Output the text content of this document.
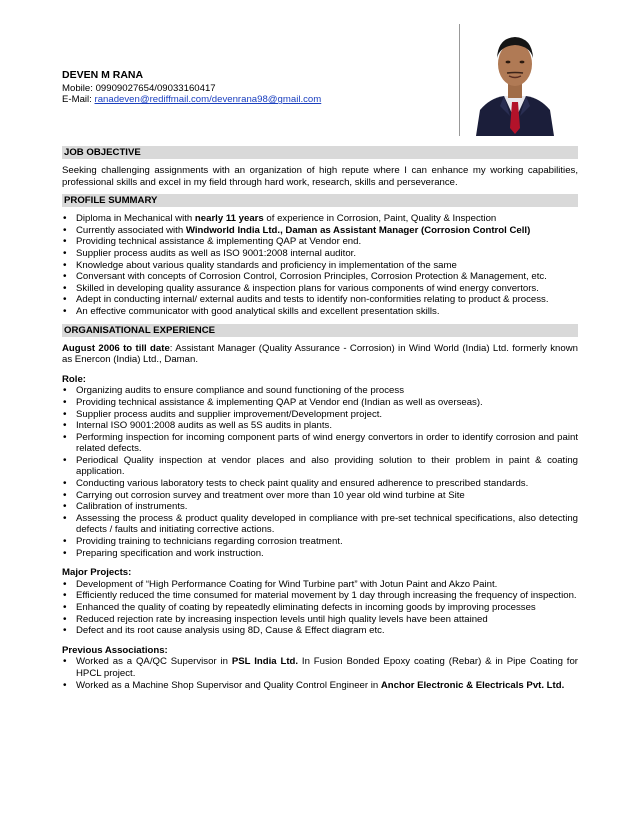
DEVEN M RANA
Mobile: 09909027654/09033160417
E-Mail: ranadeven@rediffmail.com/devenrana98@gmail.com
JOB OBJECTIVE
Seeking challenging assignments with an organization of high repute where I can enhance my working capabilities, professional skills and excel in my field through hard work, research, skills and perseverance.
PROFILE SUMMARY
• Diploma in Mechanical with nearly 11 years of experience in Corrosion, Paint, Quality & Inspection
• Currently associated with Windworld India Ltd., Daman as Assistant Manager (Corrosion Control Cell)
• Providing technical assistance & implementing QAP at Vendor end.
• Supplier process audits as well as ISO 9001:2008 internal auditor.
• Knowledge about various quality standards and proficiency in implementation of the same
• Conversant with concepts of Corrosion Control, Corrosion Principles, Corrosion Protection & Management, etc.
• Skilled in developing quality assurance & inspection plans for various components of wind energy convertors.
• Adept in conducting internal/ external audits and tests to identify non-conformities relating to product & process.
• An effective communicator with good analytical skills and excellent presentation skills.
ORGANISATIONAL EXPERIENCE
August 2006 to till date: Assistant Manager (Quality Assurance - Corrosion) in Wind World (India) Ltd. formerly known as Enercon (India) Ltd., Daman.
Role:
• Organizing audits to ensure compliance and sound functioning of the process
• Providing technical assistance & implementing QAP at Vendor end (Indian as well as overseas).
• Supplier process audits and supplier improvement/Development project.
• Internal ISO 9001:2008 audits as well as 5S audits in plants.
• Performing inspection for incoming component parts of wind energy convertors in order to identify corrosion and paint related defects.
• Periodical Quality inspection at vendor places and also providing solution to their problem in paint & coating application.
• Conducting various laboratory tests to check paint quality and ensured adherence to prescribed standards.
• Carrying out corrosion survey and treatment over more than 10 year old wind turbine at Site
• Calibration of instruments.
• Assessing the process & product quality developed in compliance with pre-set technical specifications, also detecting defects / faults and initiating corrective actions.
• Providing training to technicians regarding corrosion treatment.
• Preparing specification and work instruction.
Major Projects:
• Development of “High Performance Coating for Wind Turbine part” with Jotun Paint and Akzo Paint.
• Efficiently reduced the time consumed for material movement by 1 day through increasing the frequency of inspection.
• Enhanced the quality of coating by repeatedly eliminating defects in incoming goods by improving processes
• Reduced rejection rate by increasing inspection levels until high quality levels have been attained
• Defect and its root cause analysis using 8D, Cause & Effect diagram etc.
Previous Associations:
• Worked as a QA/QC Supervisor in PSL India Ltd. In Fusion Bonded Epoxy coating (Rebar) & in Pipe Coating for HPCL project.
• Worked as a Machine Shop Supervisor and Quality Control Engineer in Anchor Electronic & Electricals Pvt. Ltd.
